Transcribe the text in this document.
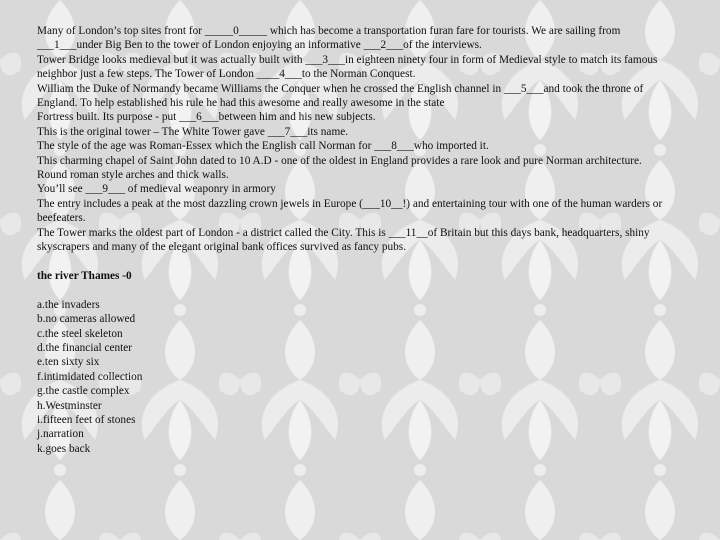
Many of London’s top sites front for _____0_____ which has become a transportation furan fare for tourists. We are sailing from ___1___under Big Ben to the tower of London enjoying an informative ___2___of the interviews.

Tower Bridge looks medieval but it was actually built with ___3___in eighteen ninety four in form of Medieval style to match its famous neighbor just a few steps. The Tower of London ____4___to the Norman Conquest.

William the Duke of Normandy became Williams the Conquer when he crossed the English channel in ___5___and took the throne of England. To help established his rule he had this awesome and really awesome in the state

Fortress built. Its purpose - put ___6___between him and his new subjects.

This is the original tower – The White Tower gave ___7___its name.

The style of the age was Roman-Essex which the English call Norman for ___8___who imported it.

This charming chapel of Saint John dated to 10 A.D - one of the oldest in England provides a rare look and pure Norman architecture.

Round roman style arches and thick walls.

You’ll see ___9___ of medieval weaponry in armory

The entry includes a peak at the most dazzling crown jewels in Europe (___10__!) and entertaining tour with one of the human warders or beefeaters.

The Tower marks the oldest part of London - a district called the City. This is ___11__of Britain but this days bank, headquarters, shiny skyscrapers and many of the elegant original bank offices survived as fancy pubs.

the river Thames -0

a.the invaders
b.no cameras allowed
c.the steel skeleton
d.the financial center
e.ten sixty six
f.intimidated collection
g.the castle complex
h.Westminster
i.fifteen feet of stones
j.narration
k.goes back
